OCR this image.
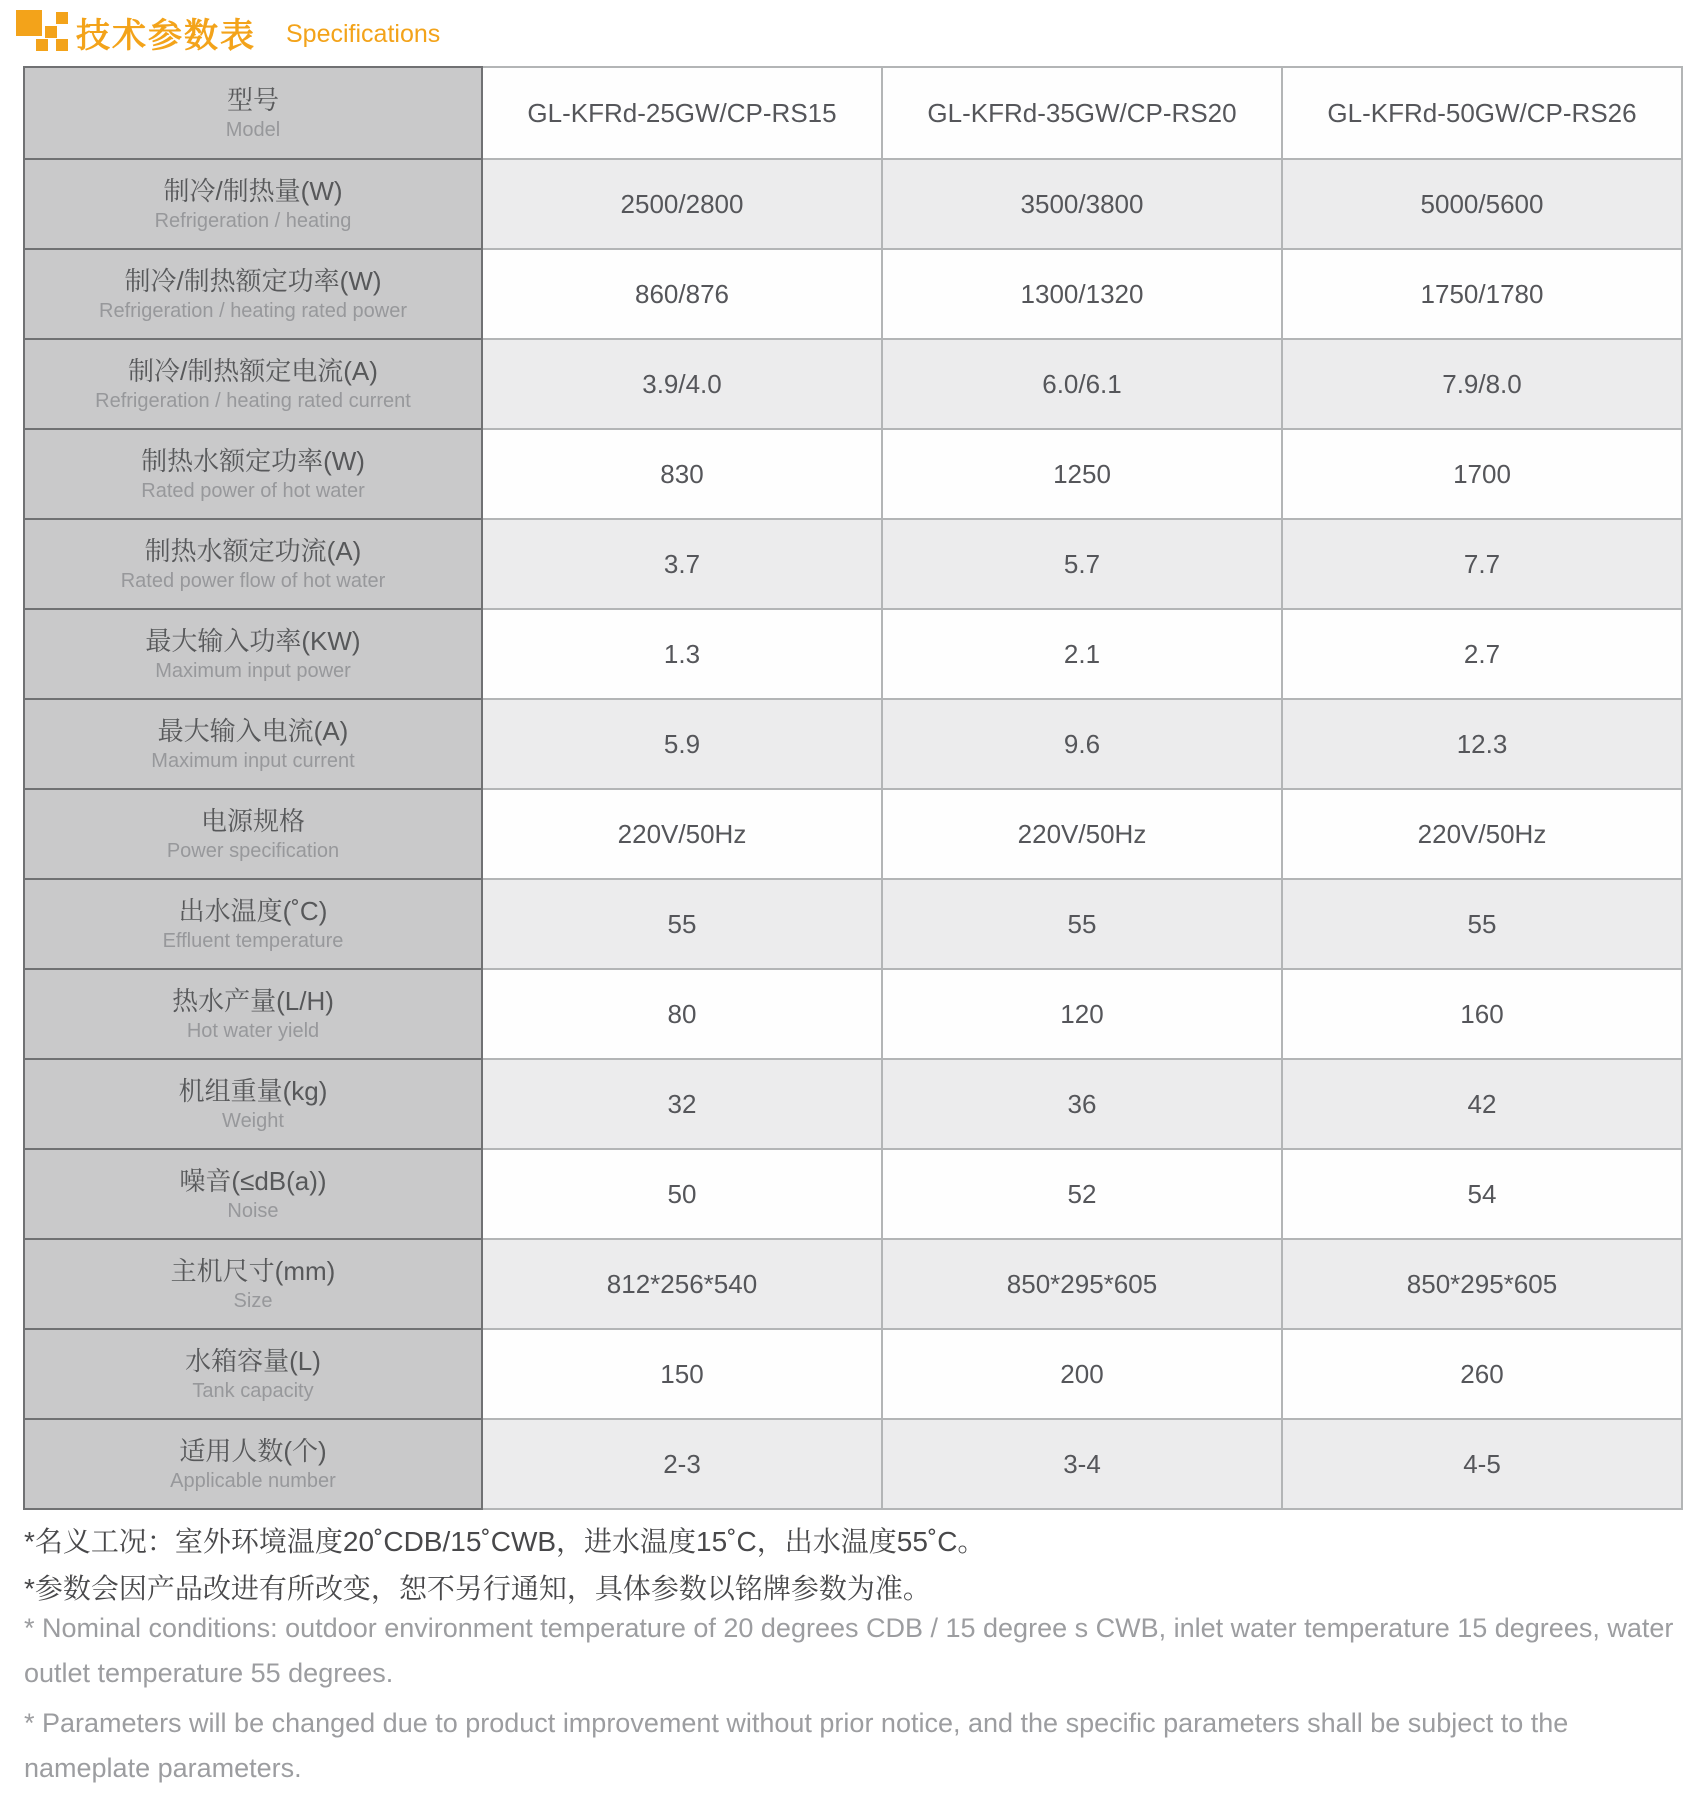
技术参数表 Specifications
型号
Model	GL-KFRd-25GW/CP-RS15	GL-KFRd-35GW/CP-RS20	GL-KFRd-50GW/CP-RS26

制冷/制热量(W)
Refrigeration / heating	2500/2800	3500/3800	5000/5600

制冷/制热额定功率(W)
Refrigeration / heating rated power	860/876	1300/1320	1750/1780

制冷/制热额定电流(A)
Refrigeration / heating rated current	3.9/4.0	6.0/6.1	7.9/8.0

制热水额定功率(W)
Rated power of hot water	830	1250	1700

制热水额定功流(A)
Rated power flow of hot water	3.7	5.7	7.7

最大输入功率(KW)
Maximum input power	1.3	2.1	2.7

最大输入电流(A)
Maximum input current	5.9	9.6	12.3

电源规格
Power specification	220V/50Hz	220V/50Hz	220V/50Hz

出水温度(˚C)
Effluent temperature	55	55	55

热水产量(L/H)
Hot water yield	80	120	160

机组重量(kg)
Weight	32	36	42

噪音(≤dB(a))
Noise	50	52	54

主机尺寸(mm)
Size	812*256*540	850*295*605	850*295*605

水箱容量(L)
Tank capacity	150	200	260

适用人数(个)
Applicable number	2-3	3-4	4-5
*名义工况：室外环境温度20˚CDB/15˚CWB，进水温度15˚C，出水温度55˚C。
*参数会因产品改进有所改变，恕不另行通知，具体参数以铭牌参数为准。
* Nominal conditions: outdoor environment temperature of 20 degrees CDB / 15 degree s CWB, inlet water temperature 15 degrees, water outlet temperature 55 degrees.
* Parameters will be changed due to product improvement without prior notice, and the specific parameters shall be subject to the nameplate parameters.
